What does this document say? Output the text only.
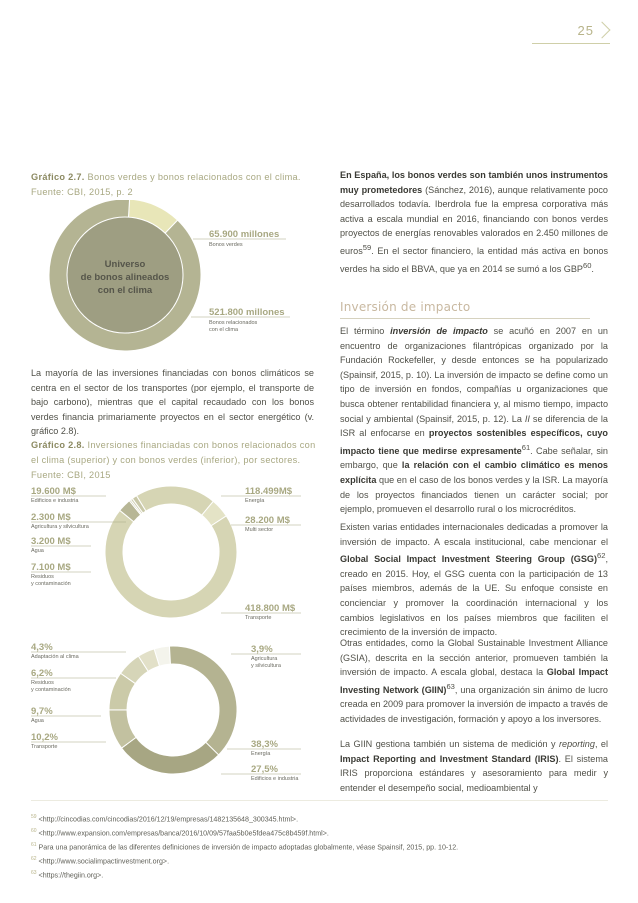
25
Gráfico 2.7. Bonos verdes y bonos relacionados con el clima. Fuente: CBI, 2015, p. 2
Universo
de bonos alineados
con el clima
65.900 millones
Bonos verdes
521.800 millones
Bonos relacionados
con el clima
La mayoría de las inversiones financiadas con bonos climáticos se centra en el sector de los transportes (por ejemplo, el transporte de bajo carbono), mientras que el capital recaudado con los bonos verdes financia primariamente proyectos en el sector energético (v. gráfico 2.8).
Gráfico 2.8. Inversiones financiadas con bonos relacionados con el clima (superior) y con bonos verdes (inferior), por sectores. Fuente: CBI, 2015
19.600 M$
Edificios e industria
2.300 M$
Agricultura y silvicultura
3.200 M$
Agua
7.100 M$
Residuos
y contaminación
118.499M$
Energía
28.200 M$
Multi sector
418.800 M$
Transporte
4,3%
Adaptación al clima
6,2%
Residuos
y contaminación
9,7%
Agua
10,2%
Transporte
3,9%
Agricultura
y silvicultura
38,3%
Energía
27,5%
Edificios e industria
En España, los bonos verdes son también unos instrumentos muy prometedores (Sánchez, 2016), aunque relativamente poco desarrollados todavía. Iberdrola fue la empresa corporativa más activa a escala mundial en 2016, financiando con bonos verdes proyectos de energías renovables valorados en 2.450 millones de euros$^{59}$. En el sector financiero, la entidad más activa en bonos verdes ha sido el BBVA, que ya en 2014 se sumó a los GBP$^{60}$.
Inversión de impacto
El término inversión de impacto se acuñó en 2007 en un encuentro de organizaciones filantrópicas organizado por la Fundación Rockefeller, y desde entonces se ha popularizado (Spainsif, 2015, p. 10). La inversión de impacto se define como un tipo de inversión en fondos, compañías u organizaciones que busca obtener rentabilidad financiera y, al mismo tiempo, impacto social y ambiental (Spainsif, 2015, p. 12). La II se diferencia de la ISR al enfocarse en proyectos sostenibles específicos, cuyo impacto tiene que medirse expresamente$^{61}$. Cabe señalar, sin embargo, que la relación con el cambio climático es menos explícita que en el caso de los bonos verdes y la ISR. La mayoría de los proyectos financiados tienen un carácter social; por ejemplo, promueven el desarrollo rural o los microcréditos.
Existen varias entidades internacionales dedicadas a promover la inversión de impacto. A escala institucional, cabe mencionar el Global Social Impact Investment Steering Group (GSG)$^{62}$, creado en 2015. Hoy, el GSG cuenta con la participación de 13 países miembros, además de la UE. Su enfoque consiste en concienciar y promover la coordinación internacional y los cambios legislativos en los países miembros que faciliten el crecimiento de la inversión de impacto.
Otras entidades, como la Global Sustainable Investment Alliance (GSIA), descrita en la sección anterior, promueven también la inversión de impacto. A escala global, destaca la Global Impact Investing Network (GIIN)$^{63}$, una organización sin ánimo de lucro creada en 2009 para promover la inversión de impacto a través de actividades de investigación, formación y apoyo a los inversores.
La GIIN gestiona también un sistema de medición y reporting, el Impact Reporting and Investment Standard (IRIS). El sistema IRIS proporciona estándares y asesoramiento para medir y entender el desempeño social, medioambiental y
$^{59}$ <http://cincodias.com/cincodias/2016/12/19/empresas/1482135648_300345.html>.
$^{60}$ <http://www.expansion.com/empresas/banca/2016/10/09/57faa5b0e5fdea475c8b459f.html>.
$^{61}$ Para una panorámica de las diferentes definiciones de inversión de impacto adoptadas globalmente, véase Spainsif, 2015, pp. 10-12.
$^{62}$ <http://www.socialimpactinvestment.org>.
$^{63}$ <https://thegiin.org>.
